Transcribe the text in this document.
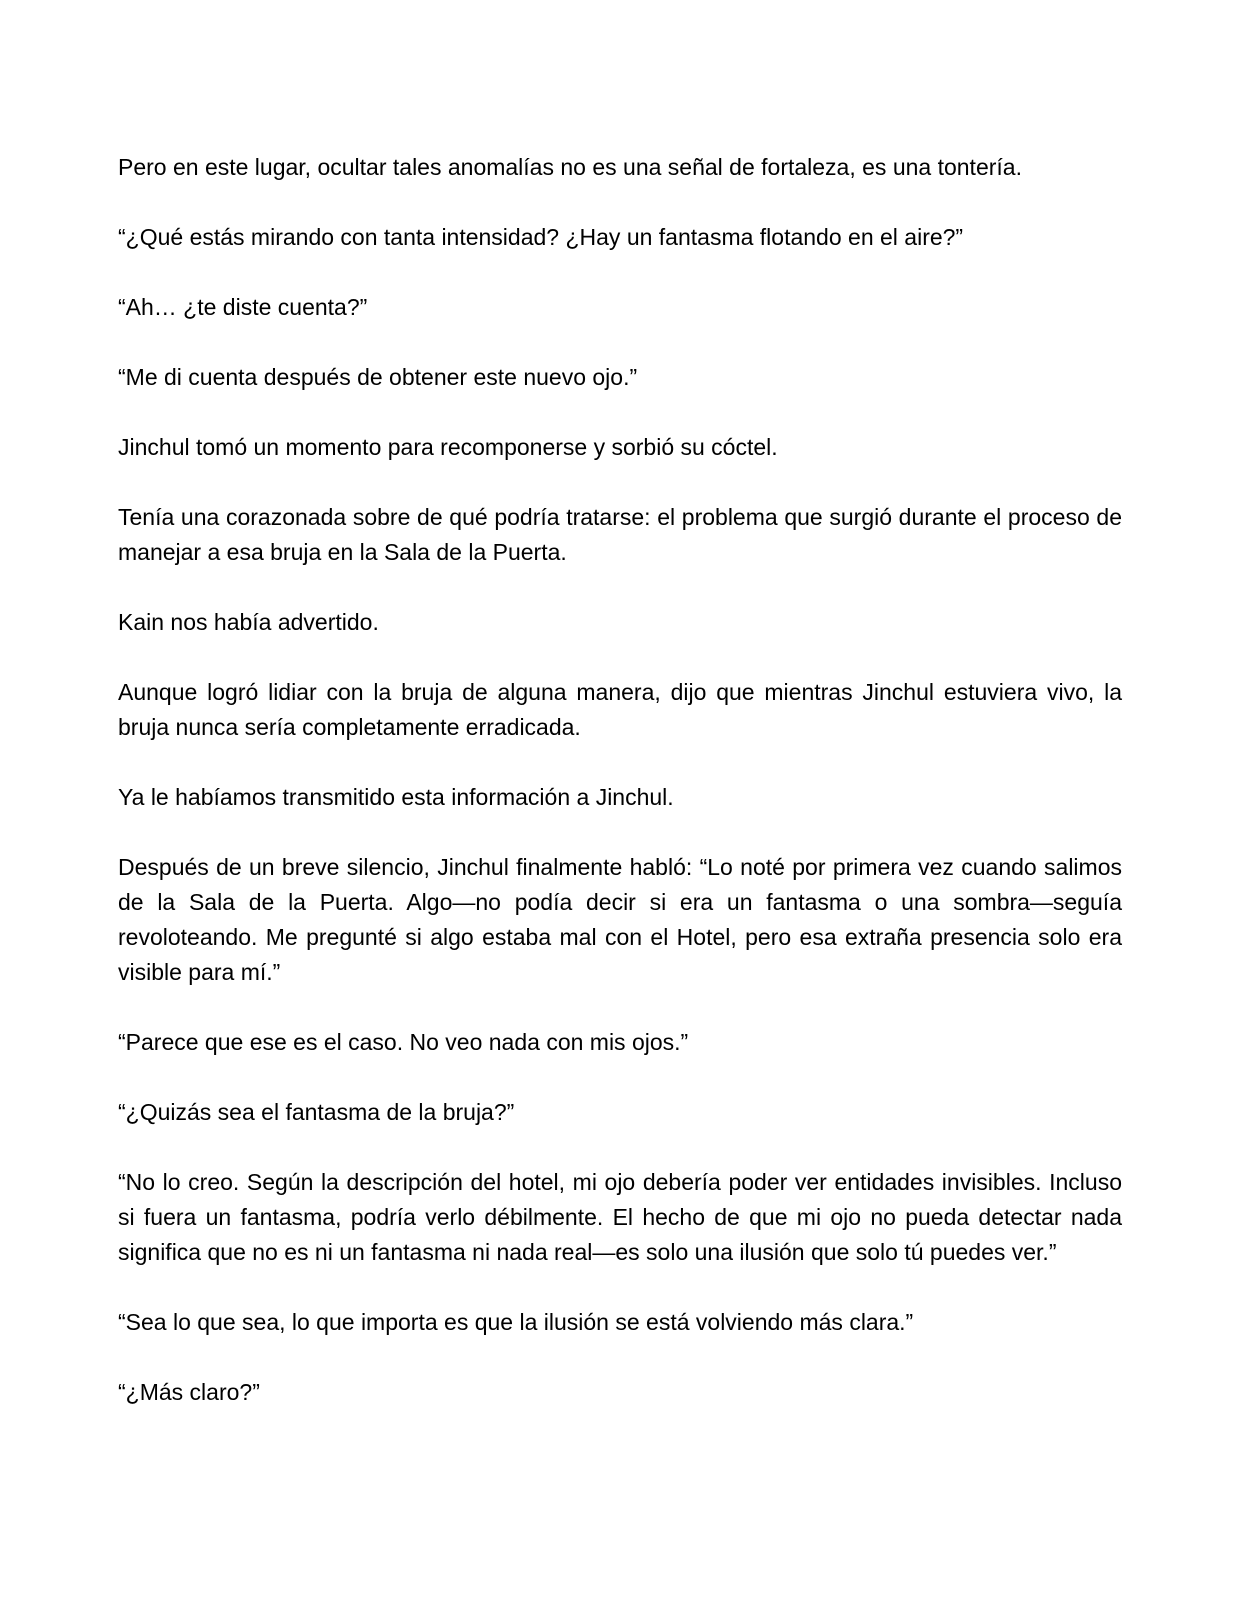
Pero en este lugar, ocultar tales anomalías no es una señal de fortaleza, es una tontería.

“¿Qué estás mirando con tanta intensidad? ¿Hay un fantasma flotando en el aire?”

“Ah… ¿te diste cuenta?”

“Me di cuenta después de obtener este nuevo ojo.”

Jinchul tomó un momento para recomponerse y sorbió su cóctel.

Tenía una corazonada sobre de qué podría tratarse: el problema que surgió durante el proceso de manejar a esa bruja en la Sala de la Puerta.

Kain nos había advertido.

Aunque logró lidiar con la bruja de alguna manera, dijo que mientras Jinchul estuviera vivo, la bruja nunca sería completamente erradicada.

Ya le habíamos transmitido esta información a Jinchul.

Después de un breve silencio, Jinchul finalmente habló: “Lo noté por primera vez cuando salimos de la Sala de la Puerta. Algo—no podía decir si era un fantasma o una sombra—seguía revoloteando. Me pregunté si algo estaba mal con el Hotel, pero esa extraña presencia solo era visible para mí.”

“Parece que ese es el caso. No veo nada con mis ojos.”

“¿Quizás sea el fantasma de la bruja?”

“No lo creo. Según la descripción del hotel, mi ojo debería poder ver entidades invisibles. Incluso si fuera un fantasma, podría verlo débilmente. El hecho de que mi ojo no pueda detectar nada significa que no es ni un fantasma ni nada real—es solo una ilusión que solo tú puedes ver.”

“Sea lo que sea, lo que importa es que la ilusión se está volviendo más clara.”

“¿Más claro?”
